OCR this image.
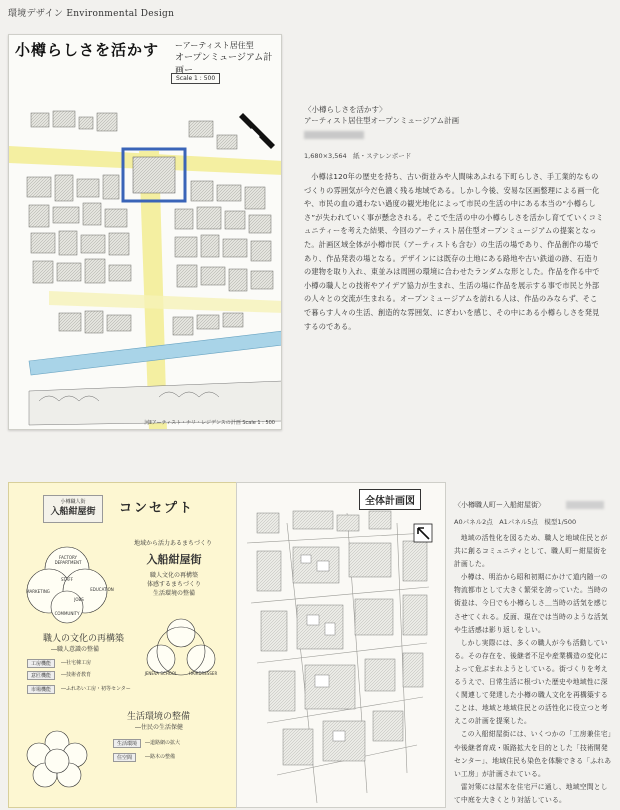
環境デザイン Environmental Design
小樽らしさを活かす ーアーティスト居住型
オープンミュージアム計画ー
Scale 1 : 500
河Ⅱアーティスト・ナリ・レジデンスの計画 Scale 1 : 500
〈小樽らしさを活かす〉
アーティスト居住型オープンミュージアム計画
1,680×3,564　紙・ステレンボード

小樽は120年の歴史を持ち、古い街並みや人間味あふれる下町らしさ、手工業的なものづくりの雰囲気が今だ色濃く残る地域である。しかし今後、安易な区画整理による画一化や、市民の血の通わない過度の観光地化によって市民の生活の中にある本当の“小樽らしさ”が失われていく事が懸念される。そこで生活の中の小樽らしさを活かし育てていくコミュニティーを考えた結果、今回のアーティスト居住型オープンミュージアムの提案となった。計画区域全体が小樽市民（アーティストも含む）の生活の場であり、作品創作の場であり、作品発表の場となる。デザインには既存の土地にある路地や古い鉄道の跡、石造りの建物を取り入れ、東並みは周囲の環境に合わせたランダムな形とした。作品を作る中で小樽の職人との技術やアイデア協力が生まれ、生活の場に作品を展示する事で市民と外部の人々との交流が生まれる。オープンミュージアムを訪れる人は、作品のみならず、そこで暮らす人々の生活、創造的な雰囲気、にぎわいを感じ、その中にある小樽らしさを発見するのである。

小樽職人街
入船紺屋街	コンセプト
FACTORY
DEPARTMENT
MARKETING	EDUCATION
COMMUNITY
STAFF
JOBS
JENEVA SCHOOL	HAIRDRESSER
地域から活力あるまちづくり
入船紺屋街
職人文化の再構築
体感するまちづくり
生活環境の整備
職人の文化の再構築
―職人意識の整備
工房機能	―社宅棟工房
意匠機能	―技術者教育
市場機能	―ふれあい工房・初等センター
生活環境の整備
―住民の生活保健
生活環境	―道路網の拡大
住空間	―路木の整備
全体計画図	〈小樽職人町ー入船紺屋街〉
A0パネル2点　A1パネル5点　模型1/500

地域の活性化を図るため、職人と地域住民とが共に創るコミュニティとして、職人町ー紺屋街を計画した。

小樽は、明治から昭和初期にかけて道内随一の物流都市として大きく繁栄を誇っていた。当時の街並は、今日でも小樽らしさ＿当時の活気を感じさせてくれる。反面、現在では当時のような活気や生活感は影り返しをしい。

しかし実際には、多くの職人が今も活動している。その存在を、後継者不足や産業構造の変化によって危ぶまれようとしている。街づくりを考えるうえで、日常生活に根づいた歴史や地域性に深く関連して発達した小樽の職人文化を再構築することは、地域と地域住民との活性化に役立つと考えこの計画を提案した。

この入船紺屋街には、いくつかの「工房兼住宅」や後継者育成・販路拡大を目的とした「技術開発センター」、地域住民も染色を体験できる「ふれあい工房」が計画されている。

雷対策には屋木を住宅戸に通し、地域空間として中庭を大きくとり対話している。
